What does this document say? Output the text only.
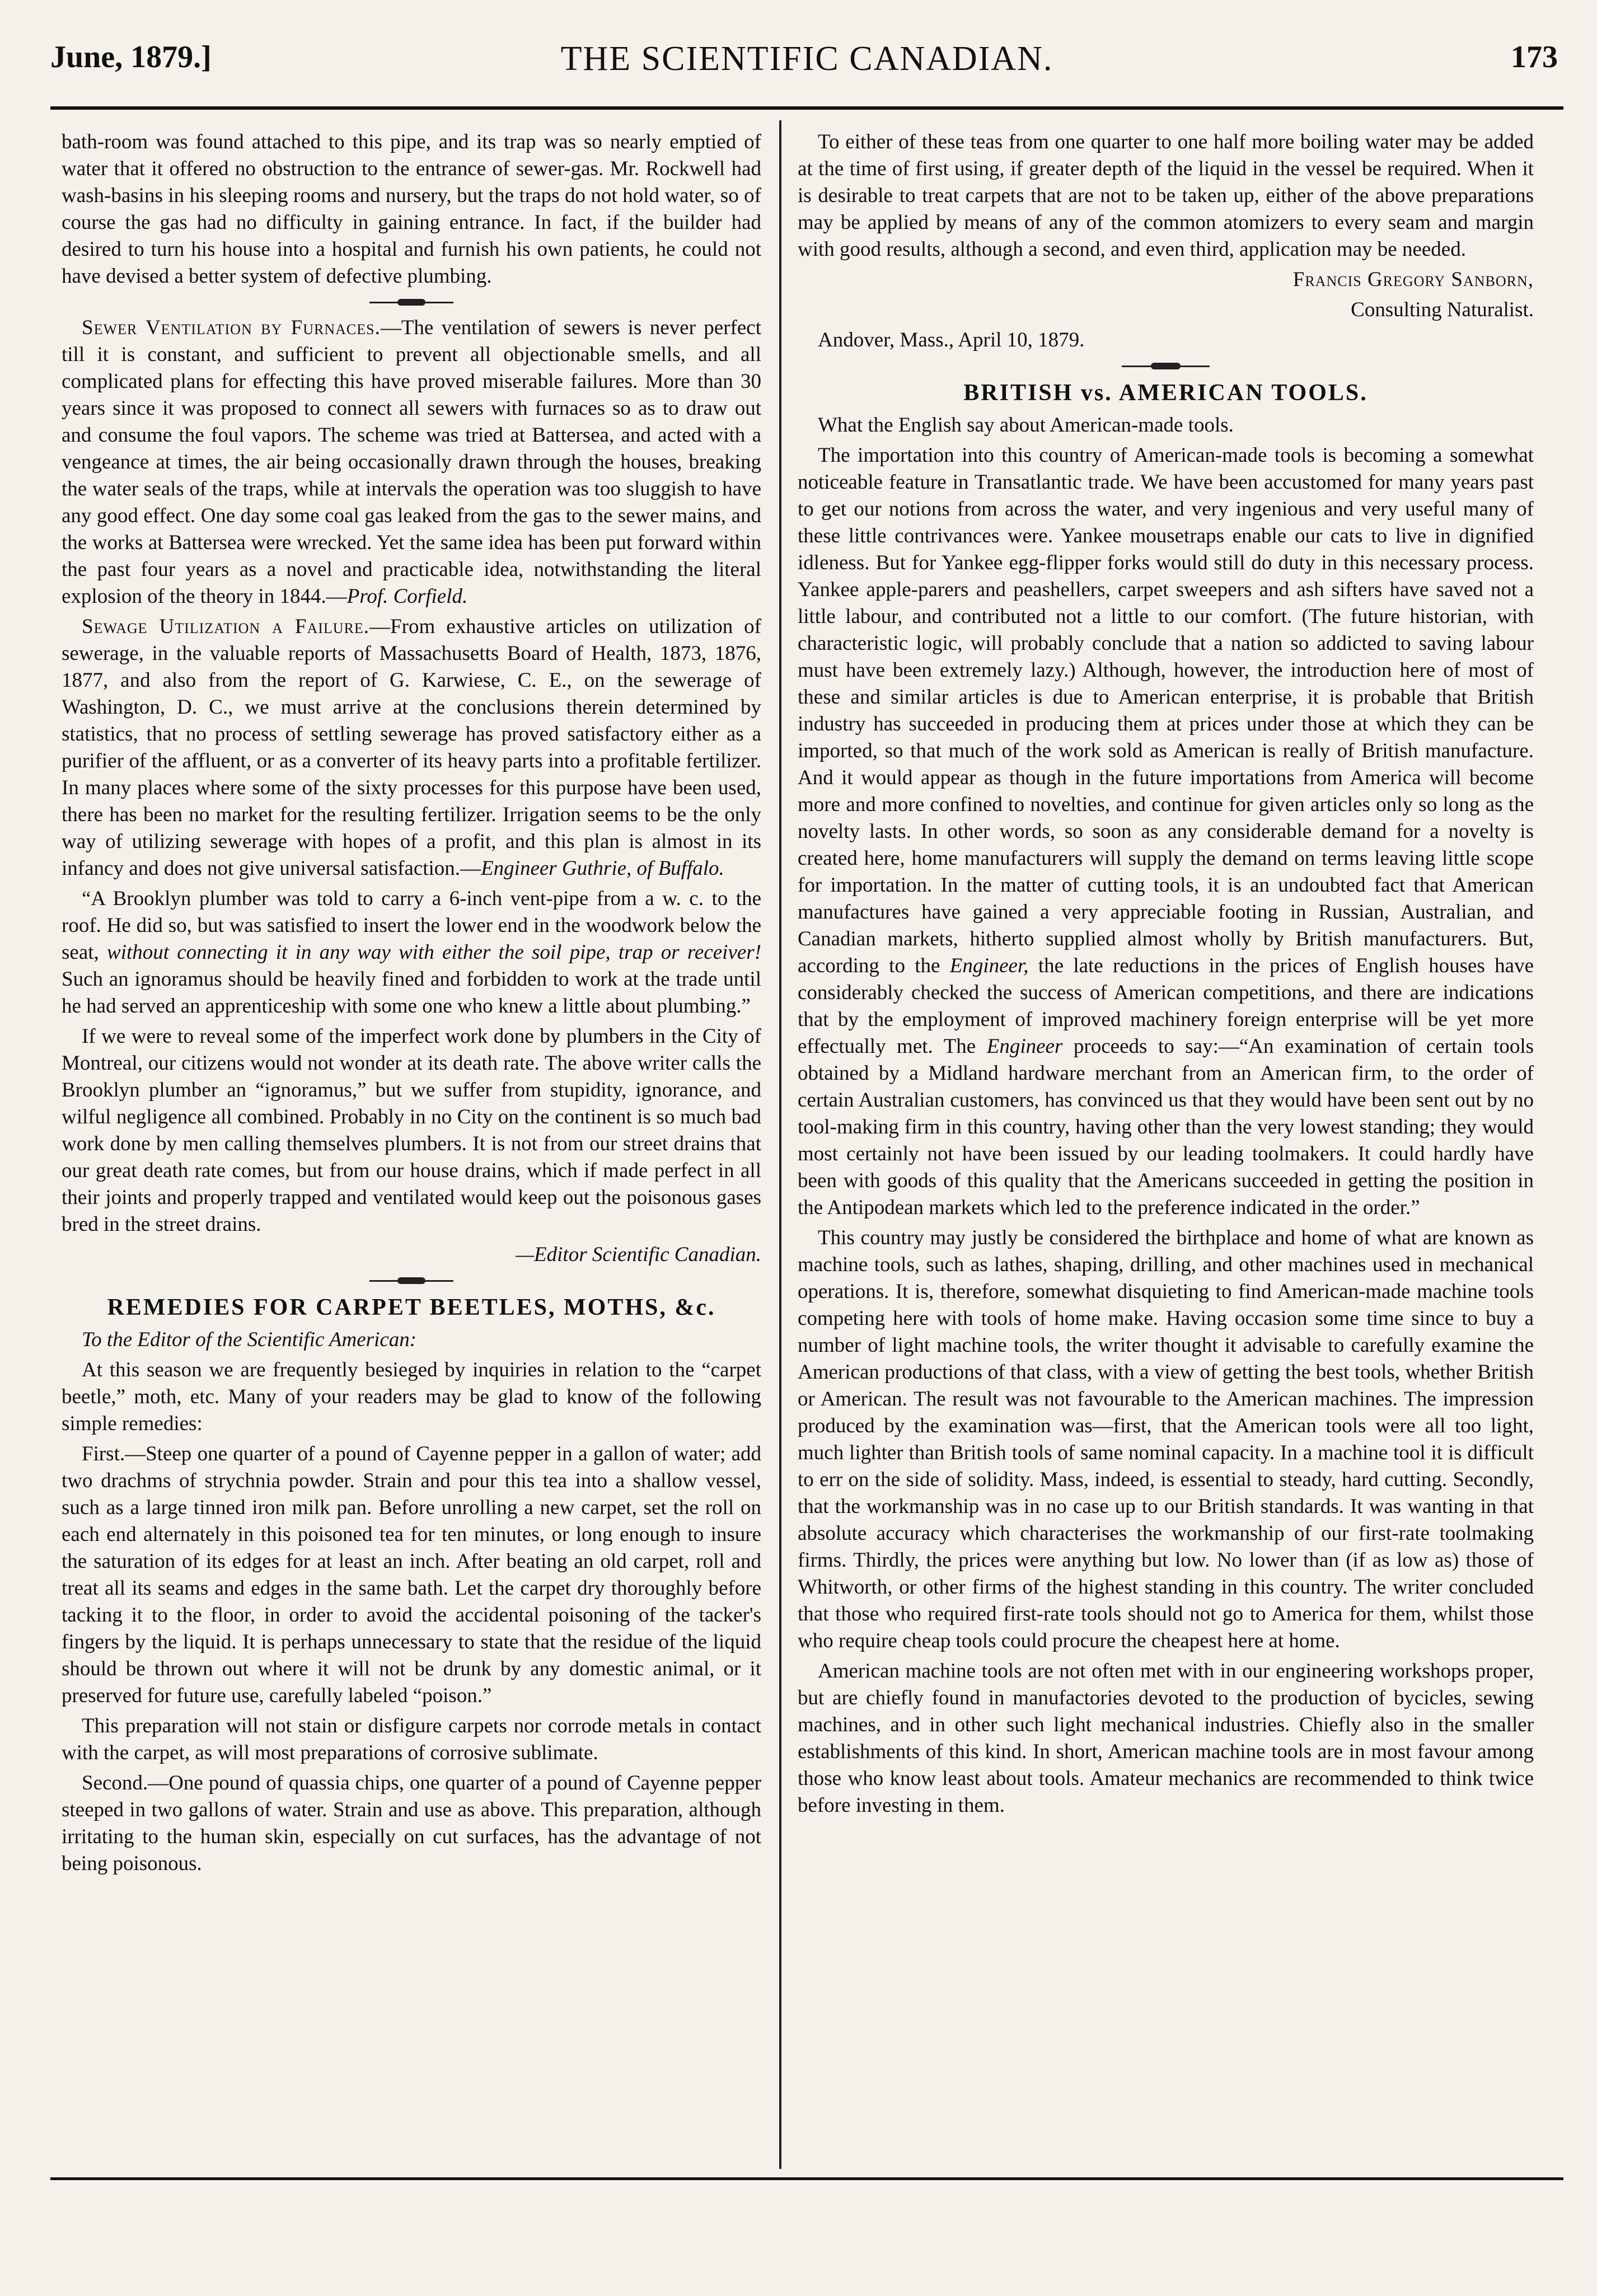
June, 1879.]	THE SCIENTIFIC CANADIAN.	173

bath-room was found attached to this pipe, and its trap was so nearly emptied of water that it offered no obstruction to the entrance of sewer-gas. Mr. Rockwell had wash-basins in his sleeping rooms and nursery, but the traps do not hold water, so of course the gas had no difficulty in gaining entrance. In fact, if the builder had desired to turn his house into a hospital and furnish his own patients, he could not have devised a better system of defective plumbing.

Sewer Ventilation by Furnaces.—The ventilation of sewers is never perfect till it is constant, and sufficient to prevent all objectionable smells, and all complicated plans for effecting this have proved miserable failures. More than 30 years since it was proposed to connect all sewers with furnaces so as to draw out and consume the foul vapors. The scheme was tried at Battersea, and acted with a vengeance at times, the air being occasionally drawn through the houses, breaking the water seals of the traps, while at intervals the operation was too sluggish to have any good effect. One day some coal gas leaked from the gas to the sewer mains, and the works at Battersea were wrecked. Yet the same idea has been put forward within the past four years as a novel and practicable idea, notwithstanding the literal explosion of the theory in 1844.—Prof. Corfield.

Sewage Utilization a Failure.—From exhaustive articles on utilization of sewerage, in the valuable reports of Massachusetts Board of Health, 1873, 1876, 1877, and also from the report of G. Karwiese, C. E., on the sewerage of Washington, D. C., we must arrive at the conclusions therein determined by statistics, that no process of settling sewerage has proved satisfactory either as a purifier of the affluent, or as a converter of its heavy parts into a profitable fertilizer. In many places where some of the sixty processes for this purpose have been used, there has been no market for the resulting fertilizer. Irrigation seems to be the only way of utilizing sewerage with hopes of a profit, and this plan is almost in its infancy and does not give universal satisfaction.—Engineer Guthrie, of Buffalo.

“A Brooklyn plumber was told to carry a 6-inch vent-pipe from a w. c. to the roof. He did so, but was satisfied to insert the lower end in the woodwork below the seat, without connecting it in any way with either the soil pipe, trap or receiver! Such an ignoramus should be heavily fined and forbidden to work at the trade until he had served an apprenticeship with some one who knew a little about plumbing.”

If we were to reveal some of the imperfect work done by plumbers in the City of Montreal, our citizens would not wonder at its death rate. The above writer calls the Brooklyn plumber an “ignoramus,” but we suffer from stupidity, ignorance, and wilful negligence all combined. Probably in no City on the continent is so much bad work done by men calling themselves plumbers. It is not from our street drains that our great death rate comes, but from our house drains, which if made perfect in all their joints and properly trapped and ventilated would keep out the poisonous gases bred in the street drains.

—Editor Scientific Canadian.

REMEDIES FOR CARPET BEETLES, MOTHS, &c.

To the Editor of the Scientific American:

At this season we are frequently besieged by inquiries in relation to the “carpet beetle,” moth, etc. Many of your readers may be glad to know of the following simple remedies:

First.—Steep one quarter of a pound of Cayenne pepper in a gallon of water; add two drachms of strychnia powder. Strain and pour this tea into a shallow vessel, such as a large tinned iron milk pan. Before unrolling a new carpet, set the roll on each end alternately in this poisoned tea for ten minutes, or long enough to insure the saturation of its edges for at least an inch. After beating an old carpet, roll and treat all its seams and edges in the same bath. Let the carpet dry thoroughly before tacking it to the floor, in order to avoid the accidental poisoning of the tacker's fingers by the liquid. It is perhaps unnecessary to state that the residue of the liquid should be thrown out where it will not be drunk by any domestic animal, or it preserved for future use, carefully labeled “poison.”

This preparation will not stain or disfigure carpets nor corrode metals in contact with the carpet, as will most preparations of corrosive sublimate.

Second.—One pound of quassia chips, one quarter of a pound of Cayenne pepper steeped in two gallons of water. Strain and use as above. This preparation, although irritating to the human skin, especially on cut surfaces, has the advantage of not being poisonous.

To either of these teas from one quarter to one half more boiling water may be added at the time of first using, if greater depth of the liquid in the vessel be required. When it is desirable to treat carpets that are not to be taken up, either of the above preparations may be applied by means of any of the common atomizers to every seam and margin with good results, although a second, and even third, application may be needed.

Francis Gregory Sanborn,

Consulting Naturalist.

Andover, Mass., April 10, 1879.

BRITISH vs. AMERICAN TOOLS.

What the English say about American-made tools.

The importation into this country of American-made tools is becoming a somewhat noticeable feature in Transatlantic trade. We have been accustomed for many years past to get our notions from across the water, and very ingenious and very useful many of these little contrivances were. Yankee mousetraps enable our cats to live in dignified idleness. But for Yankee egg-flipper forks would still do duty in this necessary process. Yankee apple-parers and peashellers, carpet sweepers and ash sifters have saved not a little labour, and contributed not a little to our comfort. (The future historian, with characteristic logic, will probably conclude that a nation so addicted to saving labour must have been extremely lazy.) Although, however, the introduction here of most of these and similar articles is due to American enterprise, it is probable that British industry has succeeded in producing them at prices under those at which they can be imported, so that much of the work sold as American is really of British manufacture. And it would appear as though in the future importations from America will become more and more confined to novelties, and continue for given articles only so long as the novelty lasts. In other words, so soon as any considerable demand for a novelty is created here, home manufacturers will supply the demand on terms leaving little scope for importation. In the matter of cutting tools, it is an undoubted fact that American manufactures have gained a very appreciable footing in Russian, Australian, and Canadian markets, hitherto supplied almost wholly by British manufacturers. But, according to the Engineer, the late reductions in the prices of English houses have considerably checked the success of American competitions, and there are indications that by the employment of improved machinery foreign enterprise will be yet more effectually met. The Engineer proceeds to say:—“An examination of certain tools obtained by a Midland hardware merchant from an American firm, to the order of certain Australian customers, has convinced us that they would have been sent out by no tool-making firm in this country, having other than the very lowest standing; they would most certainly not have been issued by our leading toolmakers. It could hardly have been with goods of this quality that the Americans succeeded in getting the position in the Antipodean markets which led to the preference indicated in the order.”

This country may justly be considered the birthplace and home of what are known as machine tools, such as lathes, shaping, drilling, and other machines used in mechanical operations. It is, therefore, somewhat disquieting to find American-made machine tools competing here with tools of home make. Having occasion some time since to buy a number of light machine tools, the writer thought it advisable to carefully examine the American productions of that class, with a view of getting the best tools, whether British or American. The result was not favourable to the American machines. The impression produced by the examination was—first, that the American tools were all too light, much lighter than British tools of same nominal capacity. In a machine tool it is difficult to err on the side of solidity. Mass, indeed, is essential to steady, hard cutting. Secondly, that the workmanship was in no case up to our British standards. It was wanting in that absolute accuracy which characterises the workmanship of our first-rate toolmaking firms. Thirdly, the prices were anything but low. No lower than (if as low as) those of Whitworth, or other firms of the highest standing in this country. The writer concluded that those who required first-rate tools should not go to America for them, whilst those who require cheap tools could procure the cheapest here at home.

American machine tools are not often met with in our engineering workshops proper, but are chiefly found in manufactories devoted to the production of bycicles, sewing machines, and in other such light mechanical industries. Chiefly also in the smaller establishments of this kind. In short, American machine tools are in most favour among those who know least about tools. Amateur mechanics are recommended to think twice before investing in them.
